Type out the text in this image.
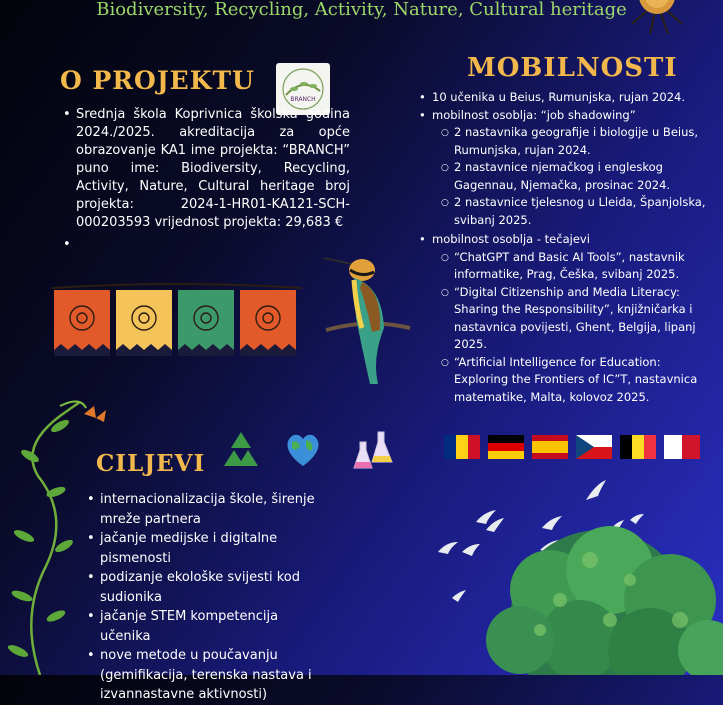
Biodiversity, Recycling, Activity, Nature, Cultural heritage
O PROJEKTU
BRANCH
• Srednja škola Koprivnica školska godina 2024./2025. akreditacija za opće obrazovanje KA1 ime projekta: “BRANCH” puno ime: Biodiversity, Recycling, Activity, Nature, Cultural heritage broj projekta: 2024-1-HR01-KA121-SCH- 000203593 vrijednost projekta: 29,683 €
•
MOBILNOSTI
• 10 učenika u Beius, Rumunjska, rujan 2024.
• mobilnost osoblja: “job shadowing”
○ 2 nastavnika geografije i biologije u Beius, Rumunjska, rujan 2024.
○ 2 nastavnice njemačkog i engleskog Gagennau, Njemačka, prosinac 2024.
○ 2 nastavnice tjelesnog u Lleida, Španjolska, svibanj 2025.
• mobilnost osoblja - tečajevi
○ “ChatGPT and Basic AI Tools”, nastavnik informatike, Prag, Češka, svibanj 2025.
○ “Digital Citizenship and Media Literacy: Sharing the Responsibility”, knjižničarka i nastavnica povijesti, Ghent, Belgija, lipanj 2025.
○ “Artificial Intelligence for Education: Exploring the Frontiers of IC”T, nastavnica matematike, Malta, kolovoz 2025.
CILJEVI
• internacionalizacija škole, širenje mreže partnera
• jačanje medijske i digitalne pismenosti
• podizanje ekološke svijesti kod sudionika
• jačanje STEM kompetencija učenika
• nove metode u poučavanju (gemifikacija, terenska nastava i izvannastavne aktivnosti)
